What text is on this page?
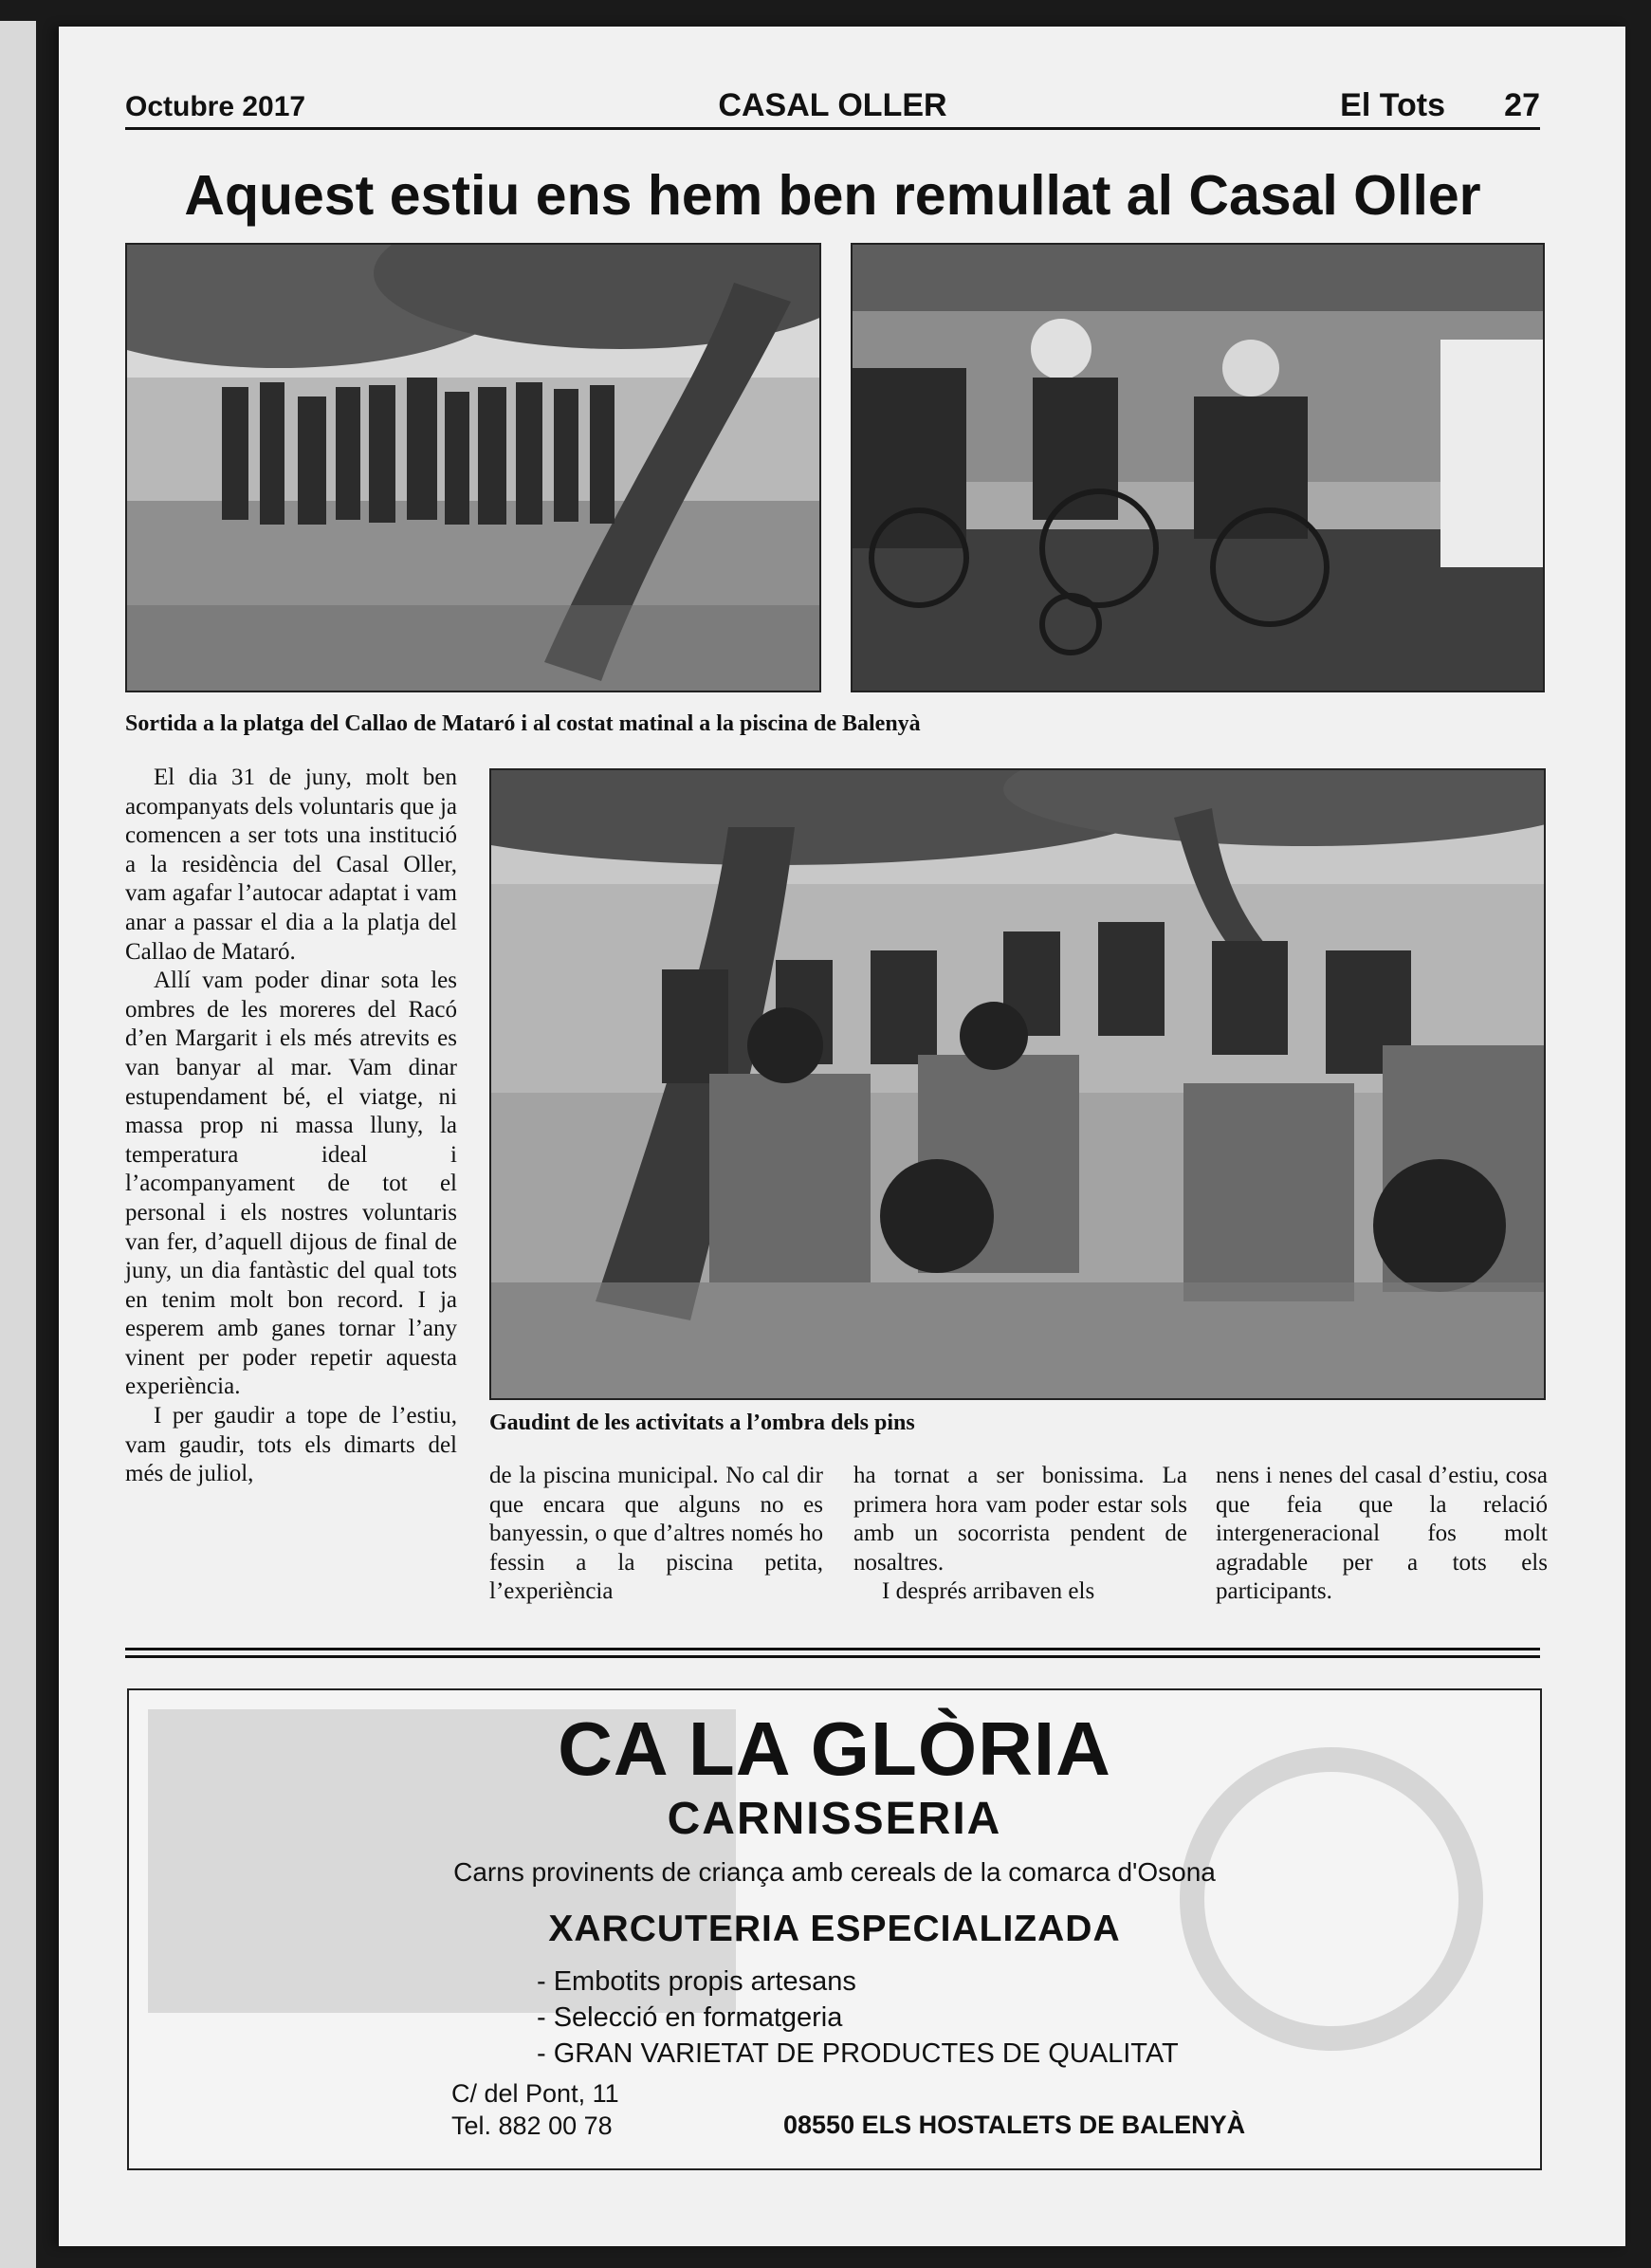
Octubre 2017	CASAL OLLER	El Tots 27
Aquest estiu ens hem ben remullat al Casal Oller
Sortida a la platga del Callao de Mataró i al costat matinal a la piscina de Balenyà

El dia 31 de juny, molt ben acompanyats dels voluntaris que ja comencen a ser tots una institució a la residència del Casal Oller, vam agafar l’autocar adaptat i vam anar a passar el dia a la platja del Callao de Mataró.

Allí vam poder dinar sota les ombres de les moreres del Racó d’en Margarit i els més atrevits es van banyar al mar. Vam dinar estupendament bé, el viatge, ni massa prop ni massa lluny, la temperatura ideal i l’acompanyament de tot el personal i els nostres voluntaris van fer, d’aquell dijous de final de juny, un dia fantàstic del qual tots en tenim molt bon record. I ja esperem amb ganes tornar l’any vinent per poder repetir aquesta experiència.

I per gaudir a tope de l’estiu, vam gaudir, tots els dimarts del més de juliol,

Gaudint de les activitats a l’ombra dels pins

de la piscina municipal. No cal dir que encara que alguns no es banyessin, o que d’altres només ho fessin a la piscina petita, l’experiència

ha tornat a ser bonissima. La primera hora vam poder estar sols amb un socorrista pendent de nosaltres.

I després arribaven els

nens i nenes del casal d’estiu, cosa que feia que la relació intergeneracional fos molt agradable per a tots els participants.

CA LA GLÒRIA
CARNISSERIA
Carns provinents de criança amb cereals de la comarca d'Osona
XARCUTERIA ESPECIALIZADA
- Embotits propis artesans
- Selecció en formatgeria
- GRAN VARIETAT DE PRODUCTES DE QUALITAT
C/ del Pont, 11
Tel. 882 00 78	08550 ELS HOSTALETS DE BALENYÀ
